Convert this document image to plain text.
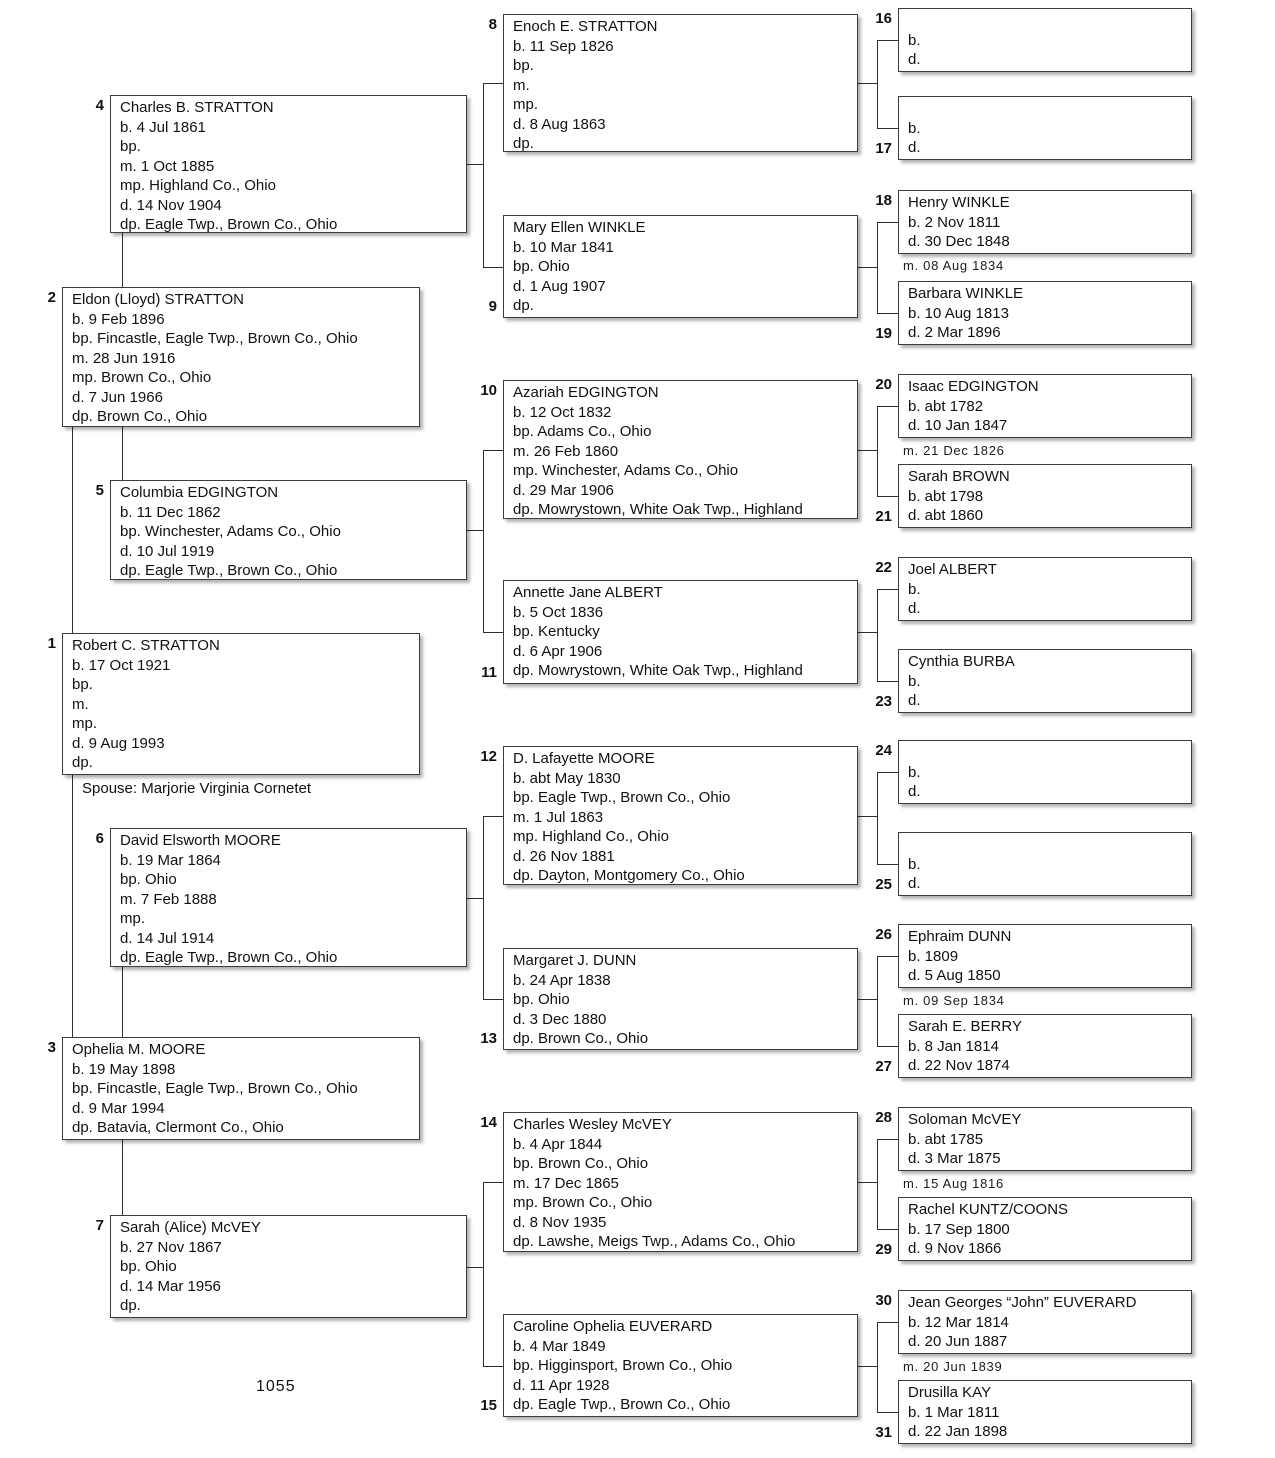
Spouse: Marjorie Virginia Cornetet
1055
Robert C. STRATTON
b. 17 Oct 1921
bp.
m.
mp.
d. 9 Aug 1993
dp.
1
Eldon (Lloyd) STRATTON
b. 9 Feb 1896
bp. Fincastle, Eagle Twp., Brown Co., Ohio
m. 28 Jun 1916
mp. Brown Co., Ohio
d. 7 Jun 1966
dp. Brown Co., Ohio
2
Ophelia M. MOORE
b. 19 May 1898
bp. Fincastle, Eagle Twp., Brown Co., Ohio
d. 9 Mar 1994
dp. Batavia, Clermont Co., Ohio
3
Charles B. STRATTON
b. 4 Jul 1861
bp.
m. 1 Oct 1885
mp. Highland Co., Ohio
d. 14 Nov 1904
dp. Eagle Twp., Brown Co., Ohio
4
Columbia EDGINGTON
b. 11 Dec 1862
bp. Winchester, Adams Co., Ohio
d. 10 Jul 1919
dp. Eagle Twp., Brown Co., Ohio
5
David Elsworth MOORE
b. 19 Mar 1864
bp. Ohio
m. 7 Feb 1888
mp.
d. 14 Jul 1914
dp. Eagle Twp., Brown Co., Ohio
6
Sarah (Alice) McVEY
b. 27 Nov 1867
bp. Ohio
d. 14 Mar 1956
dp.
7
Enoch E. STRATTON
b. 11 Sep 1826
bp.
m.
mp.
d. 8 Aug 1863
dp.
8
Mary Ellen WINKLE
b. 10 Mar 1841
bp. Ohio
d. 1 Aug 1907
dp.
9
Azariah EDGINGTON
b. 12 Oct 1832
bp. Adams Co., Ohio
m. 26 Feb 1860
mp. Winchester, Adams Co., Ohio
d. 29 Mar 1906
dp. Mowrystown, White Oak Twp., Highland
10
Annette Jane ALBERT
b. 5 Oct 1836
bp. Kentucky
d. 6 Apr 1906
dp. Mowrystown, White Oak Twp., Highland
11
D. Lafayette MOORE
b. abt May 1830
bp. Eagle Twp., Brown Co., Ohio
m. 1 Jul 1863
mp. Highland Co., Ohio
d. 26 Nov 1881
dp. Dayton, Montgomery Co., Ohio
12
Margaret J. DUNN
b. 24 Apr 1838
bp. Ohio
d. 3 Dec 1880
dp. Brown Co., Ohio
13
Charles Wesley McVEY
b. 4 Apr 1844
bp. Brown Co., Ohio
m. 17 Dec 1865
mp. Brown Co., Ohio
d. 8 Nov 1935
dp. Lawshe, Meigs Twp., Adams Co., Ohio
14
Caroline Ophelia EUVERARD
b. 4 Mar 1849
bp. Higginsport, Brown Co., Ohio
d. 11 Apr 1928
dp. Eagle Twp., Brown Co., Ohio
15
b.
d.
16
b.
d.
17
Henry WINKLE
b. 2 Nov 1811
d. 30 Dec 1848
18
Barbara WINKLE
b. 10 Aug 1813
d. 2 Mar 1896
19
Isaac EDGINGTON
b. abt 1782
d. 10 Jan 1847
20
Sarah BROWN
b. abt 1798
d. abt 1860
21
Joel ALBERT
b.
d.
22
Cynthia BURBA
b.
d.
23
b.
d.
24
b.
d.
25
Ephraim DUNN
b. 1809
d. 5 Aug 1850
26
Sarah E. BERRY
b. 8 Jan 1814
d. 22 Nov 1874
27
Soloman McVEY
b. abt 1785
d. 3 Mar 1875
28
Rachel KUNTZ/COONS
b. 17 Sep 1800
d. 9 Nov 1866
29
Jean Georges “John” EUVERARD
b. 12 Mar 1814
d. 20 Jun 1887
30
Drusilla KAY
b. 1 Mar 1811
d. 22 Jan 1898
31
m. 08 Aug 1834
m. 21 Dec 1826
m. 09 Sep 1834
m. 15 Aug 1816
m. 20 Jun 1839
